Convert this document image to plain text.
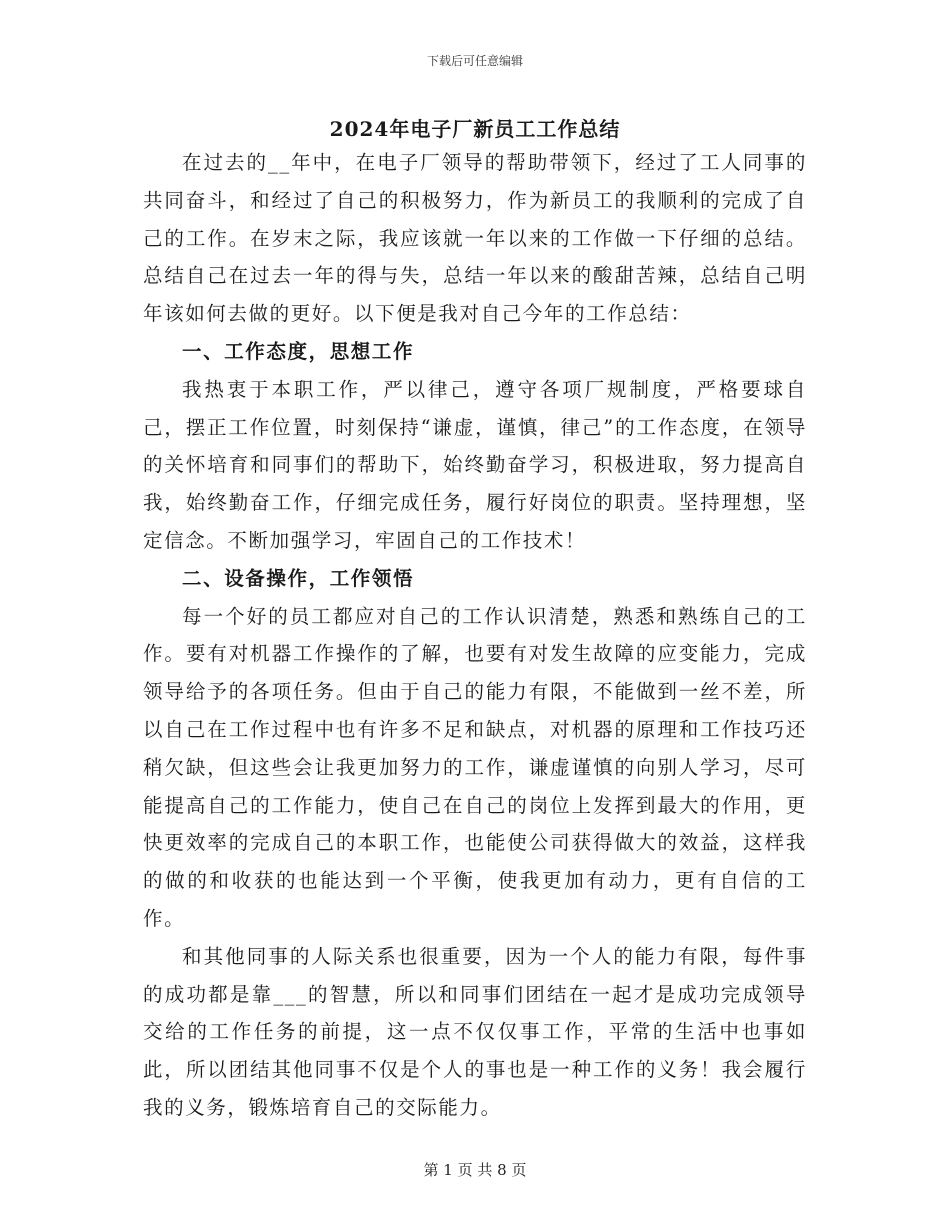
下载后可任意编辑
2024年电子厂新员工工作总结

在过去的__年中，在电子厂领导的帮助带领下，经过了工人同事的共同奋斗，和经过了自己的积极努力，作为新员工的我顺利的完成了自己的工作。在岁末之际，我应该就一年以来的工作做一下仔细的总结。总结自己在过去一年的得与失，总结一年以来的酸甜苦辣，总结自己明年该如何去做的更好。以下便是我对自己今年的工作总结：

一、工作态度，思想工作

我热衷于本职工作，严以律己，遵守各项厂规制度，严格要球自己，摆正工作位置，时刻保持“谦虚，谨慎，律己”的工作态度，在领导的关怀培育和同事们的帮助下，始终勤奋学习，积极进取，努力提高自我，始终勤奋工作，仔细完成任务，履行好岗位的职责。坚持理想，坚定信念。不断加强学习，牢固自己的工作技术！

二、设备操作，工作领悟

每一个好的员工都应对自己的工作认识清楚，熟悉和熟练自己的工作。要有对机器工作操作的了解，也要有对发生故障的应变能力，完成领导给予的各项任务。但由于自己的能力有限，不能做到一丝不差，所以自己在工作过程中也有许多不足和缺点，对机器的原理和工作技巧还稍欠缺，但这些会让我更加努力的工作，谦虚谨慎的向别人学习，尽可能提高自己的工作能力，使自己在自己的岗位上发挥到最大的作用，更快更效率的完成自己的本职工作，也能使公司获得做大的效益，这样我的做的和收获的也能达到一个平衡，使我更加有动力，更有自信的工作。

和其他同事的人际关系也很重要，因为一个人的能力有限，每件事的成功都是靠___的智慧，所以和同事们团结在一起才是成功完成领导交给的工作任务的前提，这一点不仅仅事工作，平常的生活中也事如此，所以团结其他同事不仅是个人的事也是一种工作的义务！我会履行我的义务，锻炼培育自己的交际能力。

第 1 页 共 8 页
